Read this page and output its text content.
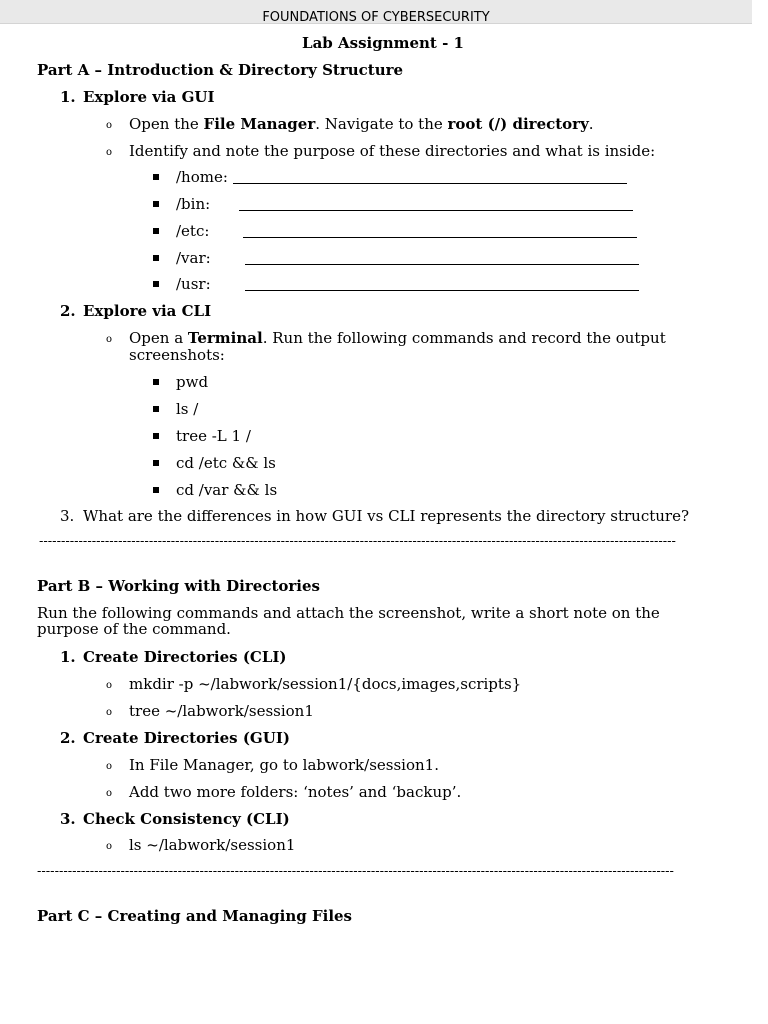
FOUNDATIONS OF CYBERSECURITY
Lab Assignment - 1
Part A – Introduction & Directory Structure
1. Explore via GUI
o Open the File Manager. Navigate to the root (/) directory.
o Identify and note the purpose of these directories and what is inside:
/home:
/bin:
/etc:
/var:
/usr:
2. Explore via CLI
o Open a Terminal. Run the following commands and record the output
screenshots:
pwd
ls /
tree -L 1 /
cd /etc && ls
cd /var && ls
3. What are the differences in how GUI vs CLI represents the directory structure?
-------------------------------------------------------------------------------------------------------------------------------------------------
Part B – Working with Directories
Run the following commands and attach the screenshot, write a short note on the purpose of the command.
1. Create Directories (CLI)
o mkdir -p ~/labwork/session1/{docs,images,scripts}
o tree ~/labwork/session1
2. Create Directories (GUI)
o In File Manager, go to labwork/session1.
o Add two more folders: ‘notes’ and ‘backup’.
3. Check Consistency (CLI)
o ls ~/labwork/session1
-------------------------------------------------------------------------------------------------------------------------------------------------
Part C – Creating and Managing Files
